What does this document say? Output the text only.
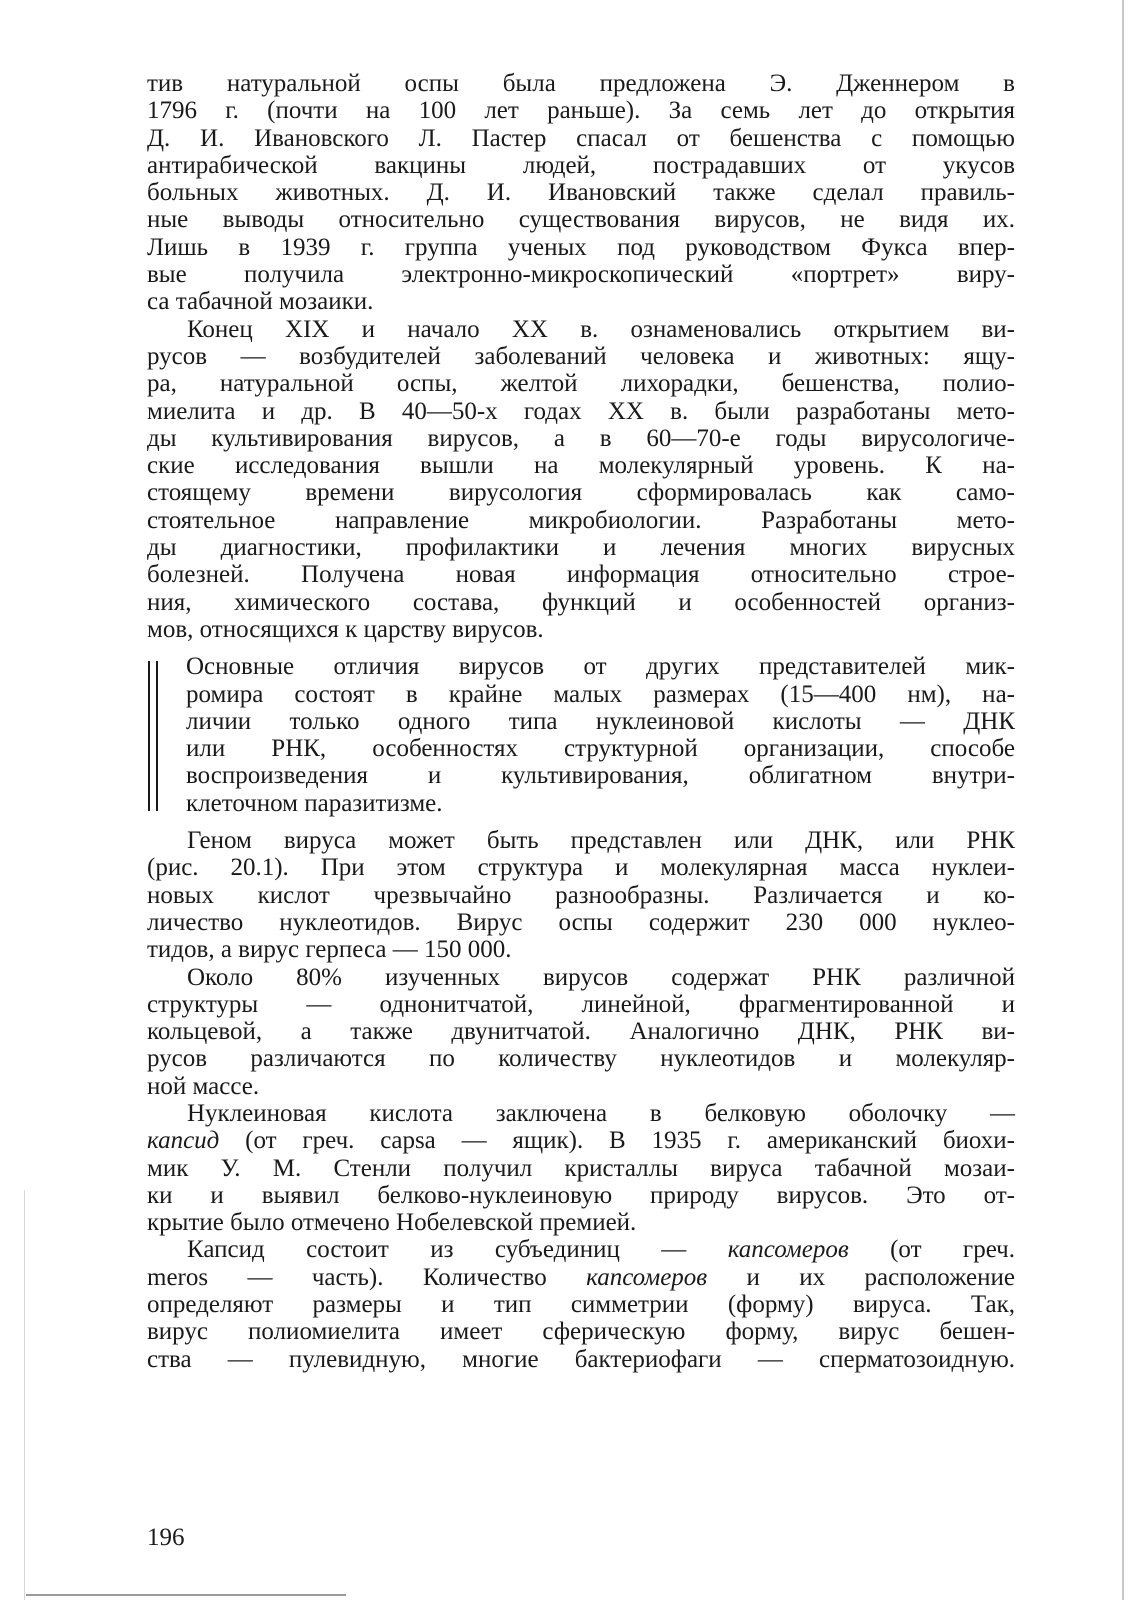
тив натуральной оспы была предложена Э. Дженнером в
1796 г. (почти на 100 лет раньше). За семь лет до открытия
Д. И. Ивановского Л. Пастер спасал от бешенства с помощью
антирабической вакцины людей, пострадавших от укусов
больных животных. Д. И. Ивановский также сделал правиль-
ные выводы относительно существования вирусов, не видя их.
Лишь в 1939 г. группа ученых под руководством Фукса впер-
вые получила электронно-микроскопический «портрет» виру-
са табачной мозаики.
Конец XIX и начало XX в. ознаменовались открытием ви-
русов — возбудителей заболеваний человека и животных: ящу-
ра, натуральной оспы, желтой лихорадки, бешенства, полио-
миелита и др. В 40—50-х годах XX в. были разработаны мето-
ды культивирования вирусов, а в 60—70-е годы вирусологиче-
ские исследования вышли на молекулярный уровень. К на-
стоящему времени вирусология сформировалась как само-
стоятельное направление микробиологии. Разработаны мето-
ды диагностики, профилактики и лечения многих вирусных
болезней. Получена новая информация относительно строе-
ния, химического состава, функций и особенностей организ-
мов, относящихся к царству вирусов.
Основные отличия вирусов от других представителей мик-
ромира состоят в крайне малых размерах (15—400 нм), на-
личии только одного типа нуклеиновой кислоты — ДНК
или РНК, особенностях структурной организации, способе
воспроизведения и культивирования, облигатном внутри-
клеточном паразитизме.
Геном вируса может быть представлен или ДНК, или РНК
(рис. 20.1). При этом структура и молекулярная масса нуклеи-
новых кислот чрезвычайно разнообразны. Различается и ко-
личество нуклеотидов. Вирус оспы содержит 230 000 нуклео-
тидов, а вирус герпеса — 150 000.
Около 80% изученных вирусов содержат РНК различной
структуры — однонитчатой, линейной, фрагментированной и
кольцевой, а также двунитчатой. Аналогично ДНК, РНК ви-
русов различаются по количеству нуклеотидов и молекуляр-
ной массе.
Нуклеиновая кислота заключена в белковую оболочку —
капсид (от греч. capsa — ящик). В 1935 г. американский биохи-
мик У. М. Стенли получил кристаллы вируса табачной мозаи-
ки и выявил белково-нуклеиновую природу вирусов. Это от-
крытие было отмечено Нобелевской премией.
Капсид состоит из субъединиц — капсомеров (от греч.
meros — часть). Количество капсомеров и их расположение
определяют размеры и тип симметрии (форму) вируса. Так,
вирус полиомиелита имеет сферическую форму, вирус бешен-
ства — пулевидную, многие бактериофаги — сперматозоидную.
196
